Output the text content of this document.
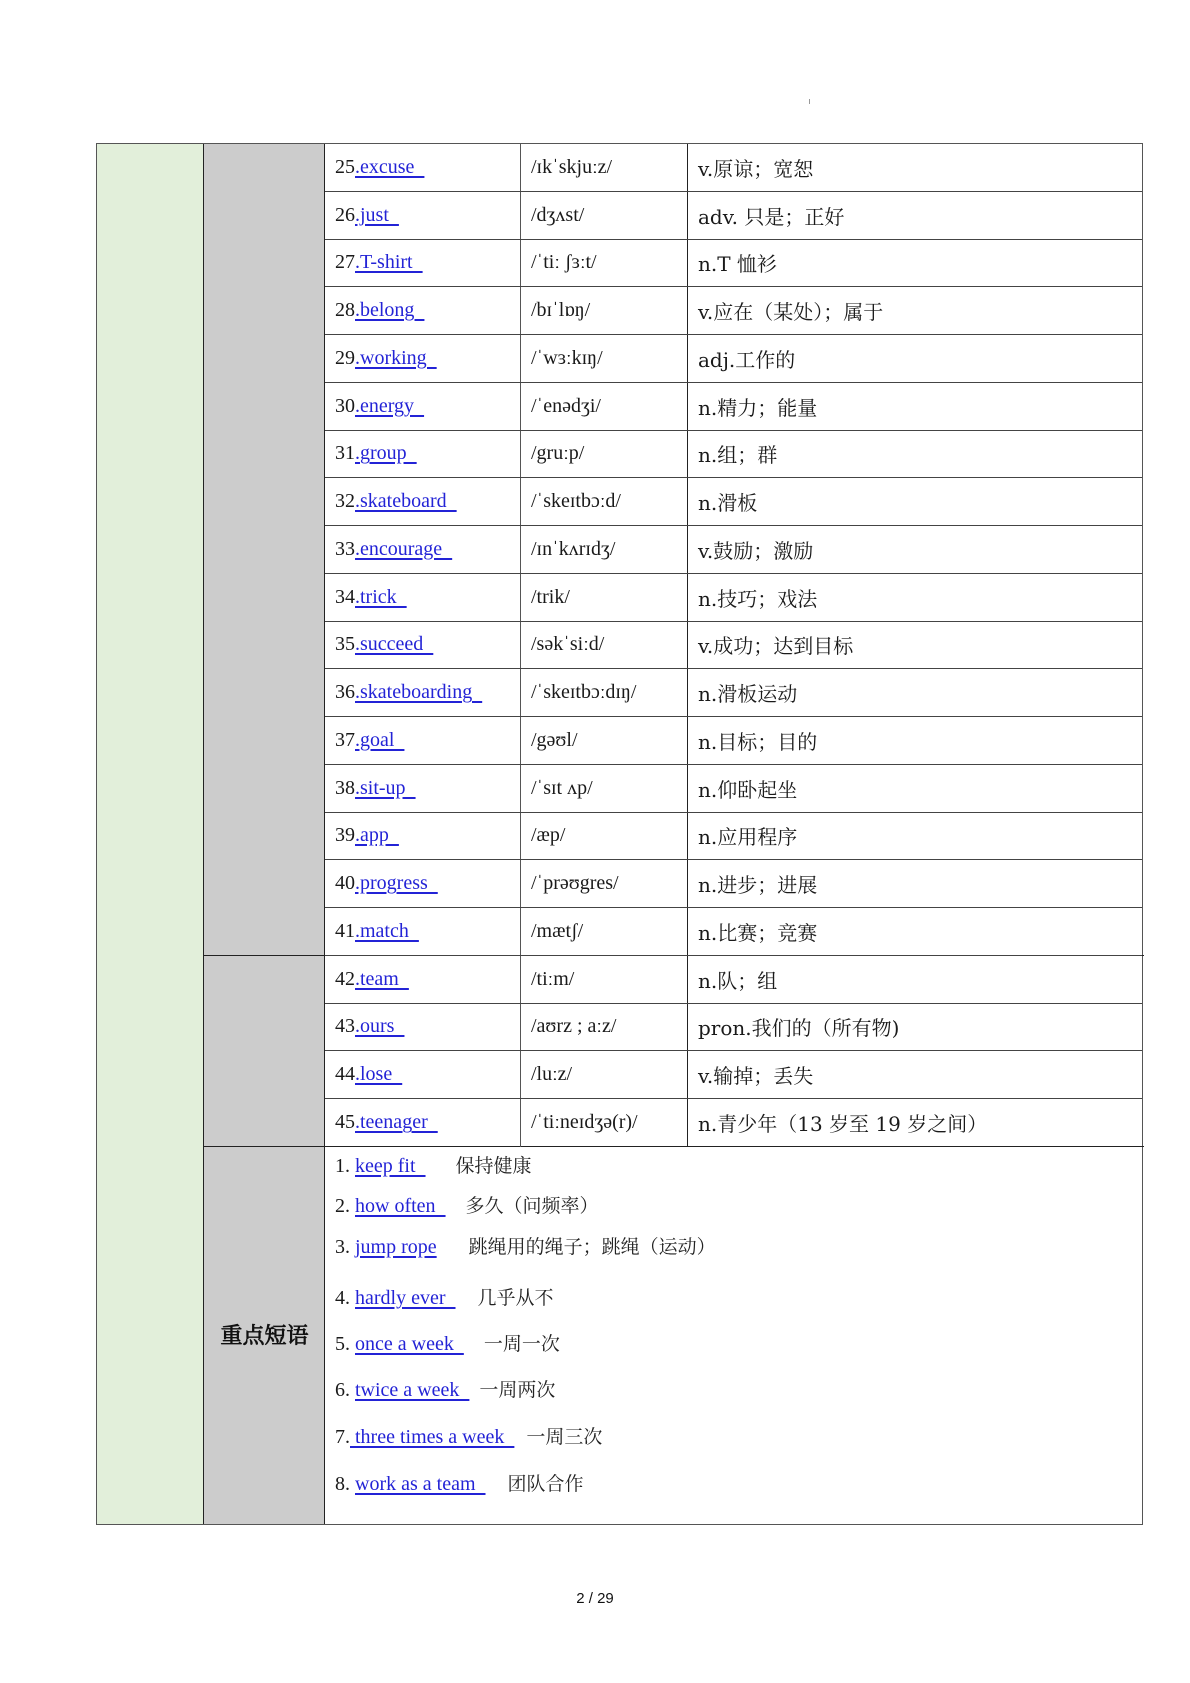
重点短语
25 .excuse	/ɪkˈskjuːz/	v.原谅；宽恕
26 .just	/dʒʌst/	adv. 只是；正好
27 .T-shirt	/ˈtiː ʃɜːt/	n.T 恤衫
28 .belong	/bɪˈlɒŋ/	v.应在（某处）；属于
29 .working	/ˈwɜːkɪŋ/	adj.工作的
30 .energy	/ˈenədʒi/	n.精力；能量
31 .group	/gruːp/	n.组；群
32 .skateboard	/ˈskeɪtbɔːd/	n.滑板
33 .encourage	/ɪnˈkʌrɪdʒ/	v.鼓励；激励
34 .trick	/trik/	n.技巧；戏法
35 .succeed	/səkˈsiːd/	v.成功；达到目标
36 .skateboarding	/ˈskeɪtbɔːdɪŋ/	n.滑板运动
37 .goal	/gəʊl/	n.目标；目的
38 .sit-up	/ˈsɪt ʌp/	n.仰卧起坐
39 .app	/æp/	n.应用程序
40 .progress	/ˈprəʊgres/	n.进步；进展
41 .match	/mætʃ/	n.比赛；竞赛
42 .team	/tiːm/	n.队；组
43 .ours	/aʊrz ; aːz/	pron.我们的（所有物)
44 .lose	/luːz/	v.输掉；丢失
45 .teenager	/ˈtiːneɪdʒə(r)/	n.青少年（13 岁至 19 岁之间）
1. keep fit  保持健康
2. how often  多久（问频率）
3. jump rope 跳绳用的绳子；跳绳（运动）
4. hardly ever  几乎从不
5. once a week  一周一次
6. twice a week  一周两次
7. three times a week  一周三次
8. work as a team  团队合作
2 / 29
